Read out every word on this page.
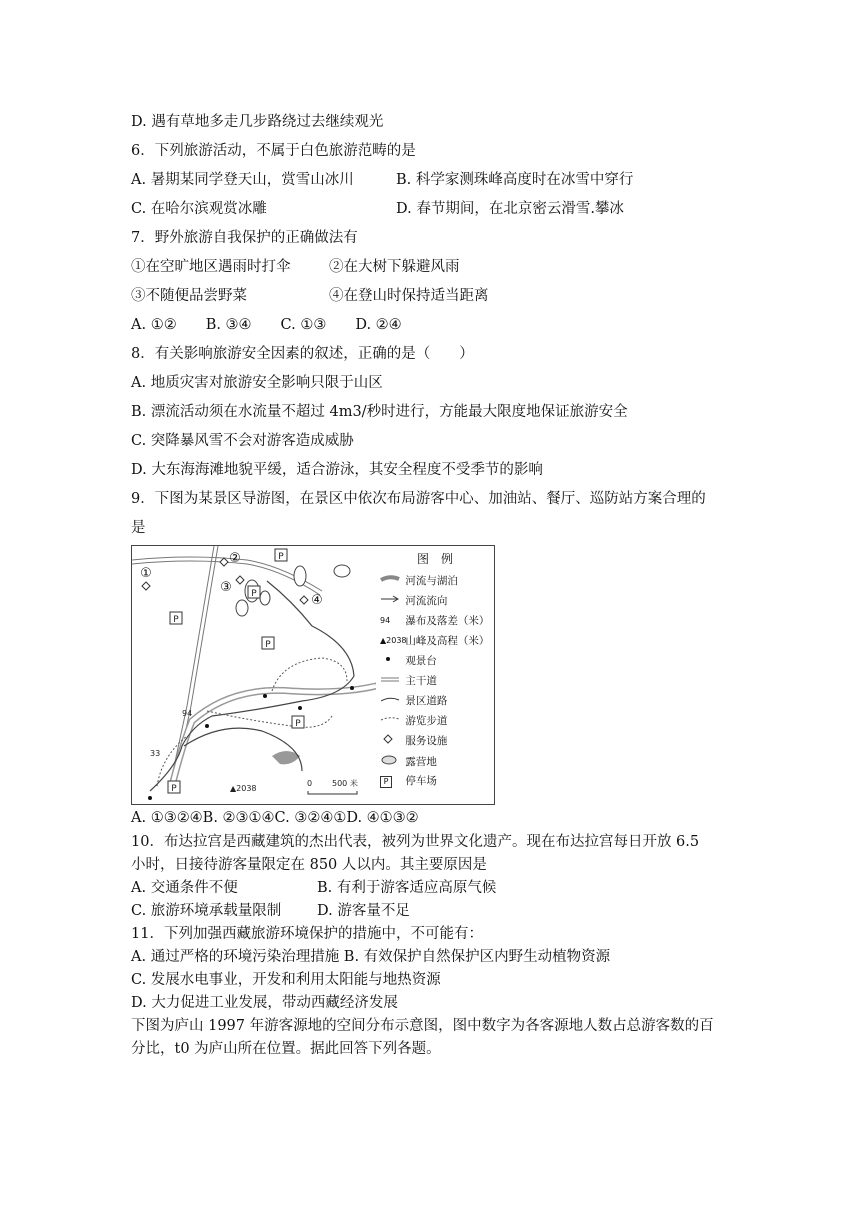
D. 遇有草地多走几步路绕过去继续观光
6．下列旅游活动，不属于白色旅游范畴的是
A. 暑期某同学登天山，赏雪山冰川	B. 科学家测珠峰高度时在冰雪中穿行
C. 在哈尔滨观赏冰雕	D. 春节期间，在北京密云滑雪.攀冰
7．野外旅游自我保护的正确做法有
①在空旷地区遇雨时打伞	②在大树下躲避风雨
③不随便品尝野菜	④在登山时保持适当距离
A. ①②　　B. ③④　　C. ①③　　D. ②④
8．有关影响旅游安全因素的叙述，正确的是（　　）
A. 地质灾害对旅游安全影响只限于山区
B. 漂流活动须在水流量不超过 4m3/秒时进行，方能最大限度地保证旅游安全
C. 突降暴风雪不会对游客造成威胁
D. 大东海海滩地貌平缓，适合游泳，其安全程度不受季节的影响
9．下图为某景区导游图，在景区中依次布局游客中心、加油站、餐厅、巡防站方案合理的
是
P
P
P
P
P
P
①
②
③
④
94
33
▲2038
0 500 米
图　例
河流与湖泊
河流流向
94 瀑布及落差（米）
▲2038 山峰及高程（米）
观景台
主干道
景区道路
游览步道
服务设施
露营地
P 停车场
A. ①③②④B. ②③①④C. ③②④①D. ④①③②
10．布达拉宫是西藏建筑的杰出代表，被列为世界文化遗产。现在布达拉宫每日开放 6.5
小时，日接待游客量限定在 850 人以内。其主要原因是
A. 交通条件不便	B. 有利于游客适应高原气候
C. 旅游环境承载量限制 D. 游客量不足
11．下列加强西藏旅游环境保护的措施中，不可能有：
A. 通过严格的环境污染治理措施 B. 有效保护自然保护区内野生动植物资源
C. 发展水电事业，开发和利用太阳能与地热资源
D. 大力促进工业发展，带动西藏经济发展
下图为庐山 1997 年游客源地的空间分布示意图，图中数字为各客源地人数占总游客数的百
分比，t0 为庐山所在位置。据此回答下列各题。
